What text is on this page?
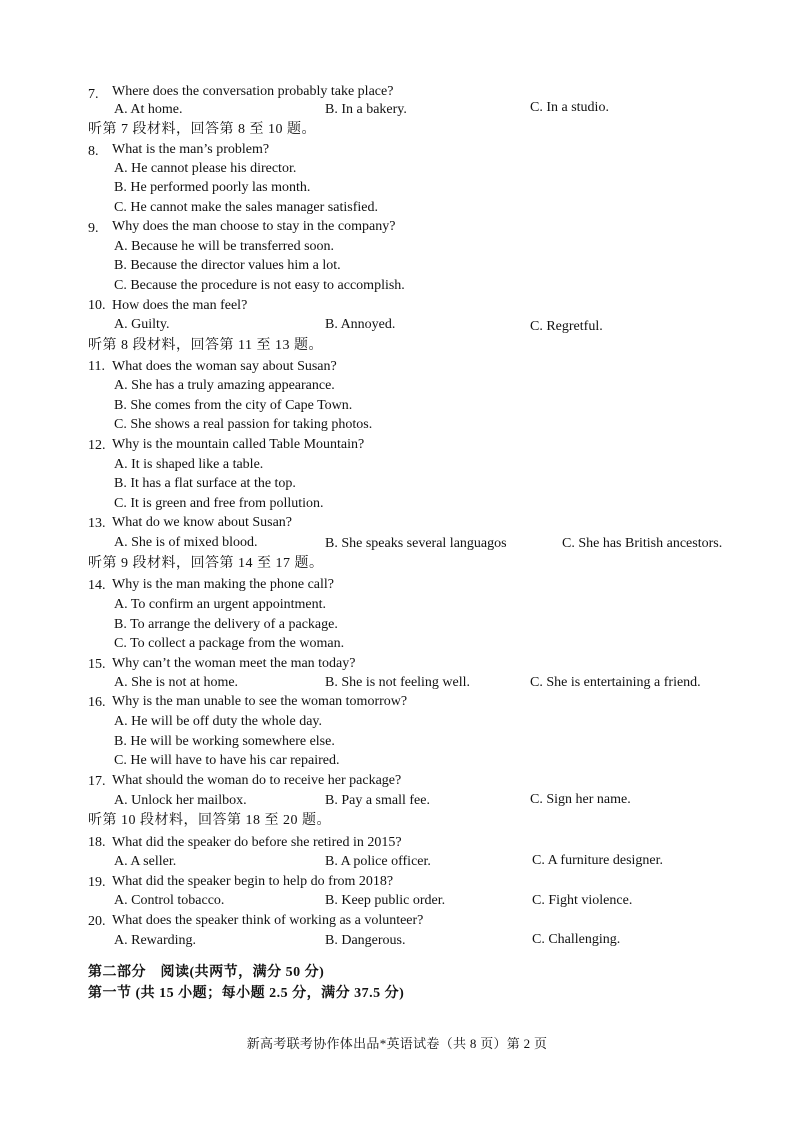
7. Where does the conversation probably take place?
A. At home.	B. In a bakery.	C. In a studio.
听第 7 段材料，回答第 8 至 10 题。
8. What is the man’s problem?
A. He cannot please his director.
B. He performed poorly las month.
C. He cannot make the sales manager satisfied.
9. Why does the man choose to stay in the company?
A. Because he will be transferred soon.
B. Because the director values him a lot.
C. Because the procedure is not easy to accomplish.
10. How does the man feel?
A. Guilty.	B. Annoyed.	C. Regretful.
听第 8 段材料，回答第 11 至 13 题。
11. What does the woman say about Susan?
A. She has a truly amazing appearance.
B. She comes from the city of Cape Town.
C. She shows a real passion for taking photos.
12. Why is the mountain called Table Mountain?
A. It is shaped like a table.
B. It has a flat surface at the top.
C. It is green and free from pollution.
13. What do we know about Susan?
A. She is of mixed blood.	B. She speaks several languagos	C. She has British ancestors.
听第 9 段材料，回答第 14 至 17 题。
14. Why is the man making the phone call?
A. To confirm an urgent appointment.
B. To arrange the delivery of a package.
C. To collect a package from the woman.
15. Why can’t the woman meet the man today?
A. She is not at home.	B. She is not feeling well.	C. She is entertaining a friend.
16. Why is the man unable to see the woman tomorrow?
A. He will be off duty the whole day.
B. He will be working somewhere else.
C. He will have to have his car repaired.
17. What should the woman do to receive her package?
A. Unlock her mailbox.	B. Pay a small fee.	C. Sign her name.
听第 10 段材料，回答第 18 至 20 题。
18. What did the speaker do before she retired in 2015?
A. A seller.	B. A police officer.	C. A furniture designer.
19. What did the speaker begin to help do from 2018?
A. Control tobacco.	B. Keep public order.	C. Fight violence.
20. What does the speaker think of working as a volunteer?
A. Rewarding.	B. Dangerous.	C. Challenging.
第二部分　阅读(共两节，满分 50 分)
第一节 (共 15 小题；每小题 2.5 分，满分 37.5 分)
新高考联考协作体出品*英语试卷（共 8 页）第 2 页
